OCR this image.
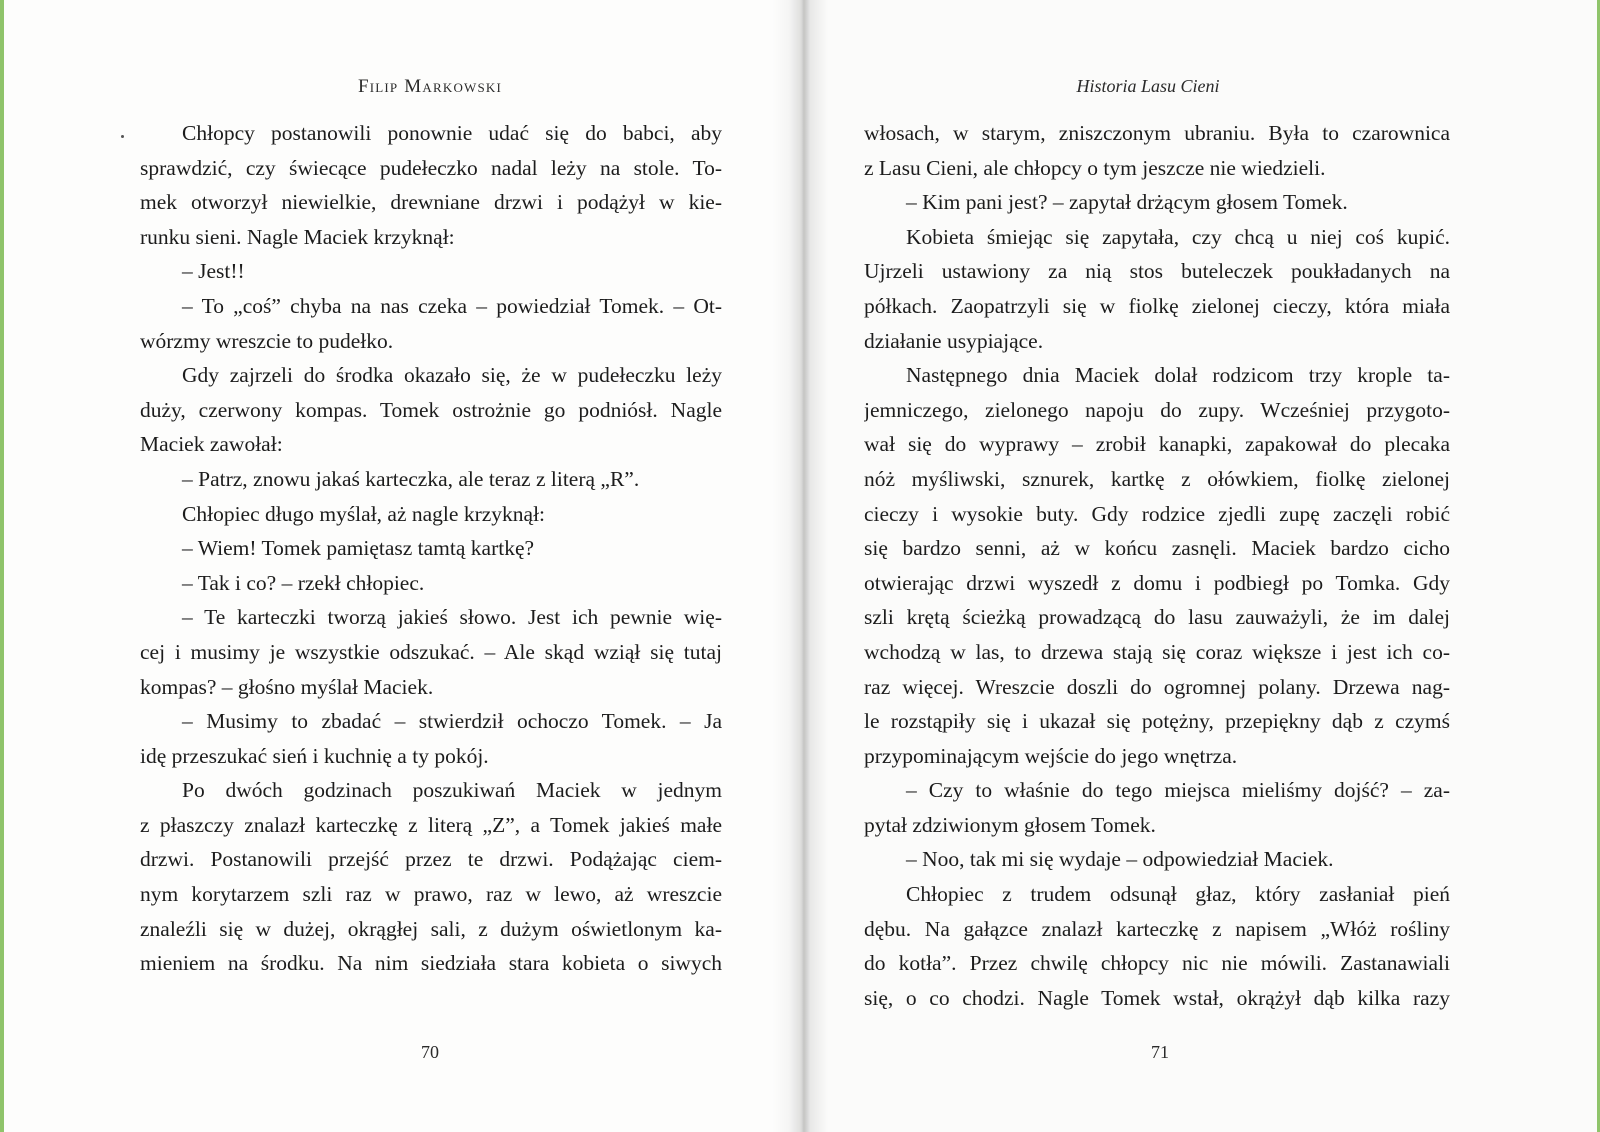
Filip Markowski
Chłopcy postanowili ponownie udać się do babci, aby
sprawdzić, czy świecące pudełeczko nadal leży na stole. To-
mek otworzył niewielkie, drewniane drzwi i podążył w kie-
runku sieni. Nagle Maciek krzyknął:
– Jest!!
– To „coś” chyba na nas czeka – powiedział Tomek. – Ot-
wórzmy wreszcie to pudełko.
Gdy zajrzeli do środka okazało się, że w pudełeczku leży
duży, czerwony kompas. Tomek ostrożnie go podniósł. Nagle
Maciek zawołał:
– Patrz, znowu jakaś karteczka, ale teraz z literą „R”.
Chłopiec długo myślał, aż nagle krzyknął:
– Wiem! Tomek pamiętasz tamtą kartkę?
– Tak i co? – rzekł chłopiec.
– Te karteczki tworzą jakieś słowo. Jest ich pewnie wię-
cej i musimy je wszystkie odszukać. – Ale skąd wziął się tutaj
kompas? – głośno myślał Maciek.
– Musimy to zbadać – stwierdził ochoczo Tomek. – Ja
idę przeszukać sień i kuchnię a ty pokój.
Po dwóch godzinach poszukiwań Maciek w jednym
z płaszczy znalazł karteczkę z literą „Z”, a Tomek jakieś małe
drzwi. Postanowili przejść przez te drzwi. Podążając ciem-
nym korytarzem szli raz w prawo, raz w lewo, aż wreszcie
znaleźli się w dużej, okrągłej sali, z dużym oświetlonym ka-
mieniem na środku. Na nim siedziała stara kobieta o siwych
70
Historia Lasu Cieni
włosach, w starym, zniszczonym ubraniu. Była to czarownica
z Lasu Cieni, ale chłopcy o tym jeszcze nie wiedzieli.
– Kim pani jest? – zapytał drżącym głosem Tomek.
Kobieta śmiejąc się zapytała, czy chcą u niej coś kupić.
Ujrzeli ustawiony za nią stos buteleczek poukładanych na
półkach. Zaopatrzyli się w fiolkę zielonej cieczy, która miała
działanie usypiające.
Następnego dnia Maciek dolał rodzicom trzy krople ta-
jemniczego, zielonego napoju do zupy. Wcześniej przygoto-
wał się do wyprawy – zrobił kanapki, zapakował do plecaka
nóż myśliwski, sznurek, kartkę z ołówkiem, fiolkę zielonej
cieczy i wysokie buty. Gdy rodzice zjedli zupę zaczęli robić
się bardzo senni, aż w końcu zasnęli. Maciek bardzo cicho
otwierając drzwi wyszedł z domu i podbiegł po Tomka. Gdy
szli krętą ścieżką prowadzącą do lasu zauważyli, że im dalej
wchodzą w las, to drzewa stają się coraz większe i jest ich co-
raz więcej. Wreszcie doszli do ogromnej polany. Drzewa nag-
le rozstąpiły się i ukazał się potężny, przepiękny dąb z czymś
przypominającym wejście do jego wnętrza.
– Czy to właśnie do tego miejsca mieliśmy dojść? – za-
pytał zdziwionym głosem Tomek.
– Noo, tak mi się wydaje – odpowiedział Maciek.
Chłopiec z trudem odsunął głaz, który zasłaniał pień
dębu. Na gałązce znalazł karteczkę z napisem „Włóż rośliny
do kotła”. Przez chwilę chłopcy nic nie mówili. Zastanawiali
się, o co chodzi. Nagle Tomek wstał, okrążył dąb kilka razy
71
